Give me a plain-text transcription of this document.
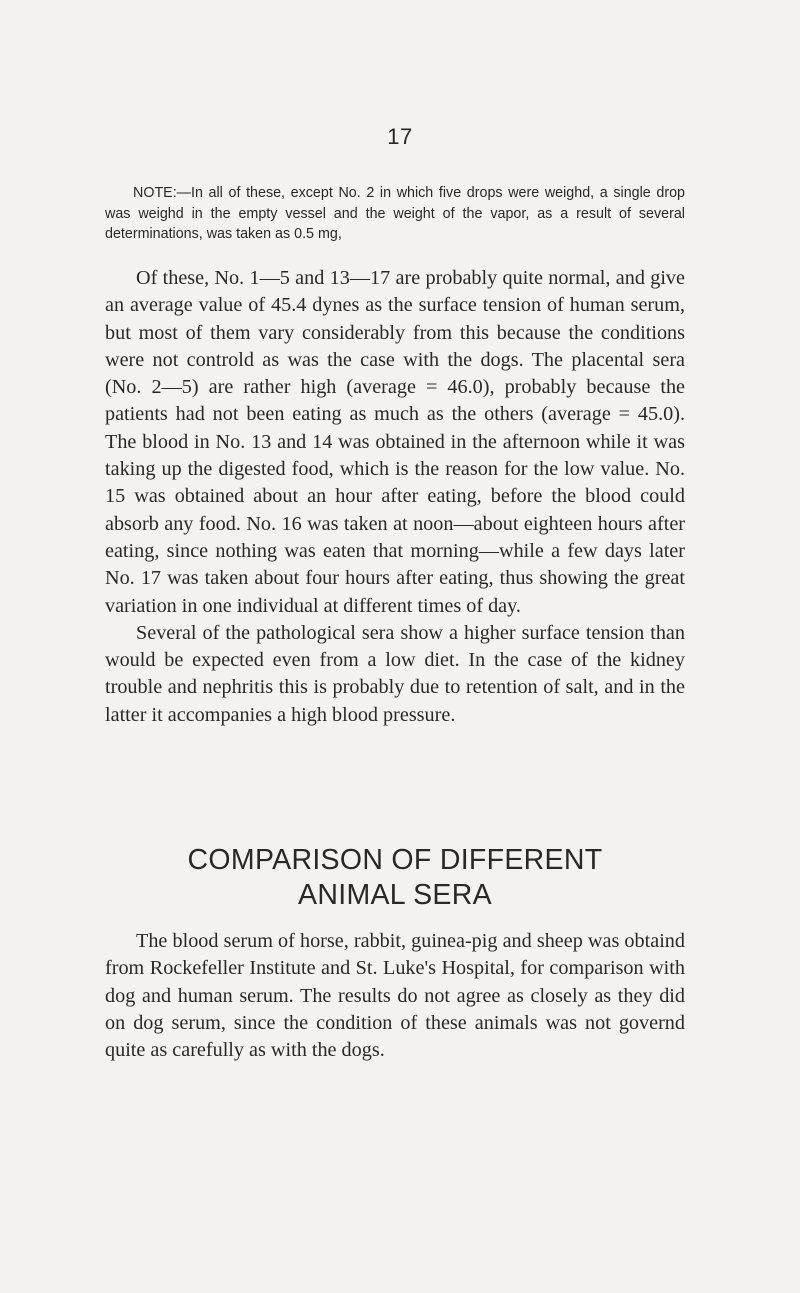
17
NOTE:—In all of these, except No. 2 in which five drops were weighd, a single drop was weighd in the empty vessel and the weight of the vapor, as a result of several determinations, was taken as 0.5 mg,

Of these, No. 1—5 and 13—17 are probably quite normal, and give an average value of 45.4 dynes as the surface tension of human serum, but most of them vary considerably from this because the conditions were not controld as was the case with the dogs. The placental sera (No. 2—5) are rather high (average = 46.0), probably because the patients had not been eating as much as the others (average = 45.0). The blood in No. 13 and 14 was obtained in the afternoon while it was taking up the digested food, which is the reason for the low value. No. 15 was obtained about an hour after eating, before the blood could absorb any food. No. 16 was taken at noon—about eighteen hours after eating, since nothing was eaten that morning—while a few days later No. 17 was taken about four hours after eating, thus showing the great variation in one individual at different times of day.

Several of the pathological sera show a higher surface tension than would be expected even from a low diet. In the case of the kidney trouble and nephritis this is probably due to retention of salt, and in the latter it accompanies a high blood pressure.

COMPARISON OF DIFFERENT
ANIMAL SERA

The blood serum of horse, rabbit, guinea-pig and sheep was obtaind from Rockefeller Institute and St. Luke's Hospital, for comparison with dog and human serum. The results do not agree as closely as they did on dog serum, since the condition of these animals was not governd quite as carefully as with the dogs.
